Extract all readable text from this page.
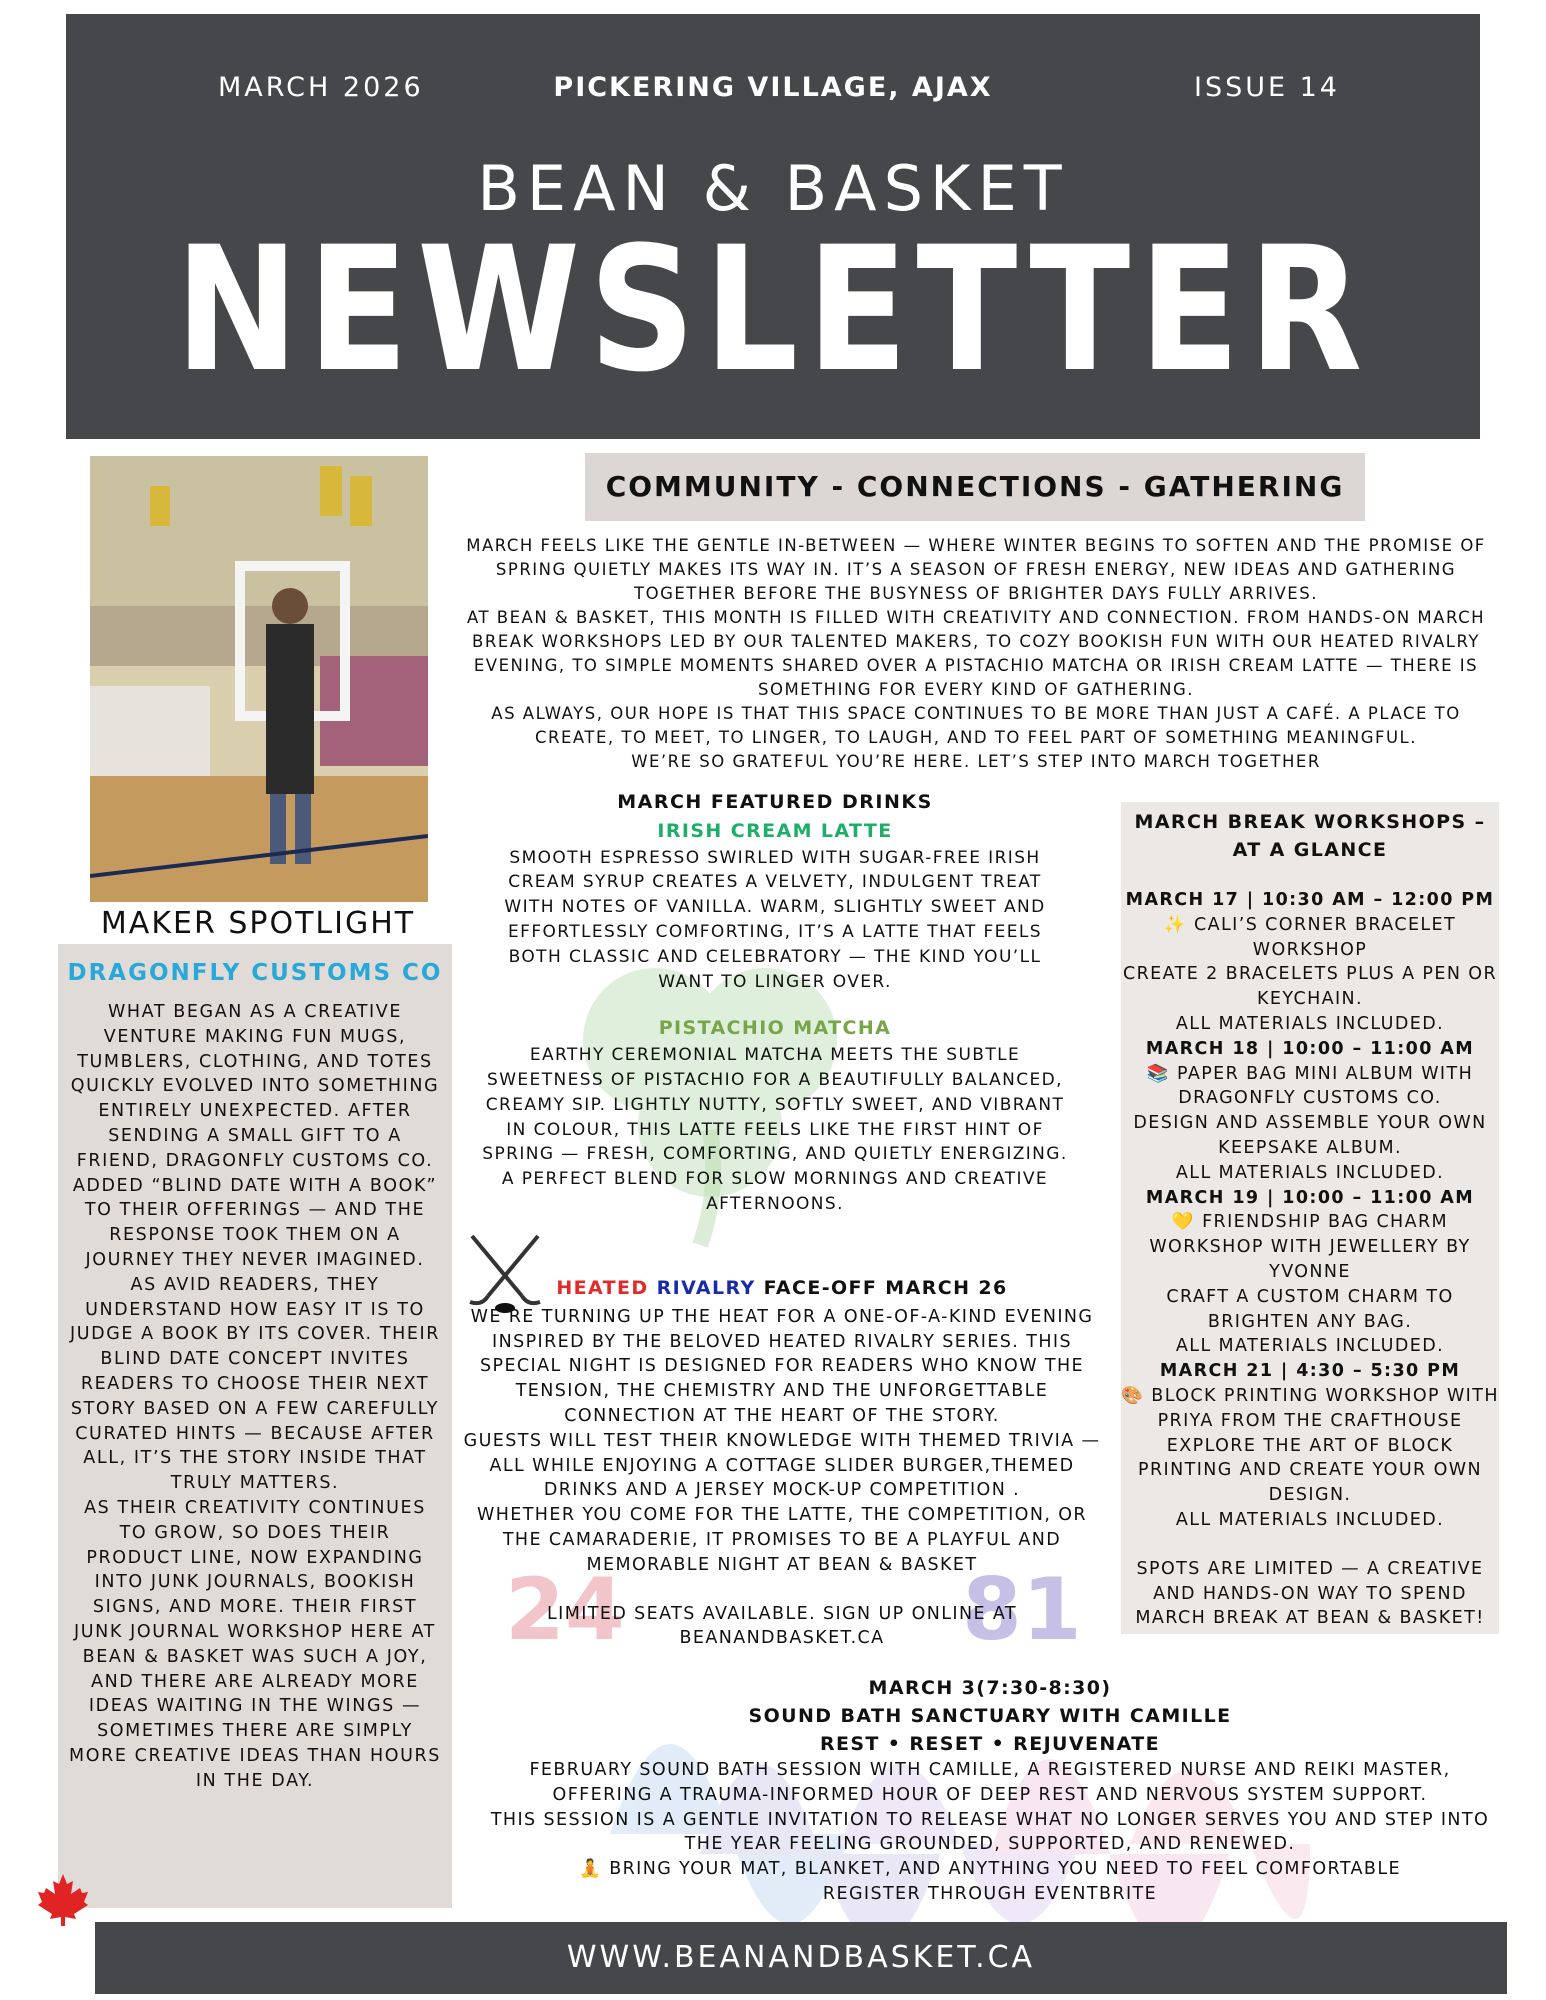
MARCH 2026	PICKERING VILLAGE, AJAX	ISSUE 14
BEAN & BASKET
NEWSLETTER
MAKER SPOTLIGHT
DRAGONFLY CUSTOMS CO

WHAT BEGAN AS A CREATIVE VENTURE MAKING FUN MUGS, TUMBLERS, CLOTHING, AND TOTES QUICKLY EVOLVED INTO SOMETHING ENTIRELY UNEXPECTED. AFTER SENDING A SMALL GIFT TO A FRIEND, DRAGONFLY CUSTOMS CO. ADDED “BLIND DATE WITH A BOOK” TO THEIR OFFERINGS — AND THE RESPONSE TOOK THEM ON A JOURNEY THEY NEVER IMAGINED.

AS AVID READERS, THEY UNDERSTAND HOW EASY IT IS TO JUDGE A BOOK BY ITS COVER. THEIR BLIND DATE CONCEPT INVITES READERS TO CHOOSE THEIR NEXT STORY BASED ON A FEW CAREFULLY CURATED HINTS — BECAUSE AFTER ALL, IT’S THE STORY INSIDE THAT TRULY MATTERS.

AS THEIR CREATIVITY CONTINUES TO GROW, SO DOES THEIR PRODUCT LINE, NOW EXPANDING INTO JUNK JOURNALS, BOOKISH SIGNS, AND MORE. THEIR FIRST JUNK JOURNAL WORKSHOP HERE AT BEAN & BASKET WAS SUCH A JOY, AND THERE ARE ALREADY MORE IDEAS WAITING IN THE WINGS — SOMETIMES THERE ARE SIMPLY MORE CREATIVE IDEAS THAN HOURS IN THE DAY.

COMMUNITY - CONNECTIONS - GATHERING

MARCH FEELS LIKE THE GENTLE IN-BETWEEN — WHERE WINTER BEGINS TO SOFTEN AND THE PROMISE OF SPRING QUIETLY MAKES ITS WAY IN. IT’S A SEASON OF FRESH ENERGY, NEW IDEAS AND GATHERING TOGETHER BEFORE THE BUSYNESS OF BRIGHTER DAYS FULLY ARRIVES.

AT BEAN & BASKET, THIS MONTH IS FILLED WITH CREATIVITY AND CONNECTION. FROM HANDS-ON MARCH BREAK WORKSHOPS LED BY OUR TALENTED MAKERS, TO COZY BOOKISH FUN WITH OUR HEATED RIVALRY EVENING, TO SIMPLE MOMENTS SHARED OVER A PISTACHIO MATCHA OR IRISH CREAM LATTE — THERE IS SOMETHING FOR EVERY KIND OF GATHERING.

AS ALWAYS, OUR HOPE IS THAT THIS SPACE CONTINUES TO BE MORE THAN JUST A CAFÉ. A PLACE TO CREATE, TO MEET, TO LINGER, TO LAUGH, AND TO FEEL PART OF SOMETHING MEANINGFUL.

WE’RE SO GRATEFUL YOU’RE HERE. LET’S STEP INTO MARCH TOGETHER

MARCH FEATURED DRINKS
IRISH CREAM LATTE

SMOOTH ESPRESSO SWIRLED WITH SUGAR-FREE IRISH CREAM SYRUP CREATES A VELVETY, INDULGENT TREAT WITH NOTES OF VANILLA. WARM, SLIGHTLY SWEET AND EFFORTLESSLY COMFORTING, IT’S A LATTE THAT FEELS BOTH CLASSIC AND CELEBRATORY — THE KIND YOU’LL WANT TO LINGER OVER.

PISTACHIO MATCHA

EARTHY CEREMONIAL MATCHA MEETS THE SUBTLE SWEETNESS OF PISTACHIO FOR A BEAUTIFULLY BALANCED, CREAMY SIP. LIGHTLY NUTTY, SOFTLY SWEET, AND VIBRANT IN COLOUR, THIS LATTE FEELS LIKE THE FIRST HINT OF SPRING — FRESH, COMFORTING, AND QUIETLY ENERGIZING. A PERFECT BLEND FOR SLOW MORNINGS AND CREATIVE AFTERNOONS.

MARCH BREAK WORKSHOPS – AT A GLANCE
MARCH 17 | 10:30 AM – 12:00 PM
✨ CALI’S CORNER BRACELET WORKSHOP
CREATE 2 BRACELETS PLUS A PEN OR KEYCHAIN.
ALL MATERIALS INCLUDED.
MARCH 18 | 10:00 – 11:00 AM
📚 PAPER BAG MINI ALBUM WITH DRAGONFLY CUSTOMS CO.
DESIGN AND ASSEMBLE YOUR OWN KEEPSAKE ALBUM.
ALL MATERIALS INCLUDED.
MARCH 19 | 10:00 – 11:00 AM
💛 FRIENDSHIP BAG CHARM WORKSHOP WITH JEWELLERY BY YVONNE
CRAFT A CUSTOM CHARM TO BRIGHTEN ANY BAG.
ALL MATERIALS INCLUDED.
MARCH 21 | 4:30 – 5:30 PM
🎨 BLOCK PRINTING WORKSHOP WITH PRIYA FROM THE CRAFTHOUSE
EXPLORE THE ART OF BLOCK PRINTING AND CREATE YOUR OWN DESIGN.
ALL MATERIALS INCLUDED.
SPOTS ARE LIMITED — A CREATIVE AND HANDS-ON WAY TO SPEND MARCH BREAK AT BEAN & BASKET!
24	81
HEATED RIVALRY FACE-OFF MARCH 26

WE’RE TURNING UP THE HEAT FOR A ONE-OF-A-KIND EVENING INSPIRED BY THE BELOVED HEATED RIVALRY SERIES. THIS SPECIAL NIGHT IS DESIGNED FOR READERS WHO KNOW THE TENSION, THE CHEMISTRY AND THE UNFORGETTABLE CONNECTION AT THE HEART OF THE STORY.

GUESTS WILL TEST THEIR KNOWLEDGE WITH THEMED TRIVIA — ALL WHILE ENJOYING A COTTAGE SLIDER BURGER,THEMED DRINKS AND A JERSEY MOCK-UP COMPETITION .

WHETHER YOU COME FOR THE LATTE, THE COMPETITION, OR THE CAMARADERIE, IT PROMISES TO BE A PLAYFUL AND MEMORABLE NIGHT AT BEAN & BASKET

LIMITED SEATS AVAILABLE. SIGN UP ONLINE AT BEANANDBASKET.CA

MARCH 3(7:30-8:30)
SOUND BATH SANCTUARY WITH CAMILLE
REST • RESET • REJUVENATE

FEBRUARY SOUND BATH SESSION WITH CAMILLE, A REGISTERED NURSE AND REIKI MASTER, OFFERING A TRAUMA-INFORMED HOUR OF DEEP REST AND NERVOUS SYSTEM SUPPORT.

THIS SESSION IS A GENTLE INVITATION TO RELEASE WHAT NO LONGER SERVES YOU AND STEP INTO THE YEAR FEELING GROUNDED, SUPPORTED, AND RENEWED.

🧘 BRING YOUR MAT, BLANKET, AND ANYTHING YOU NEED TO FEEL COMFORTABLE

REGISTER THROUGH EVENTBRITE

WWW.BEANANDBASKET.CA
